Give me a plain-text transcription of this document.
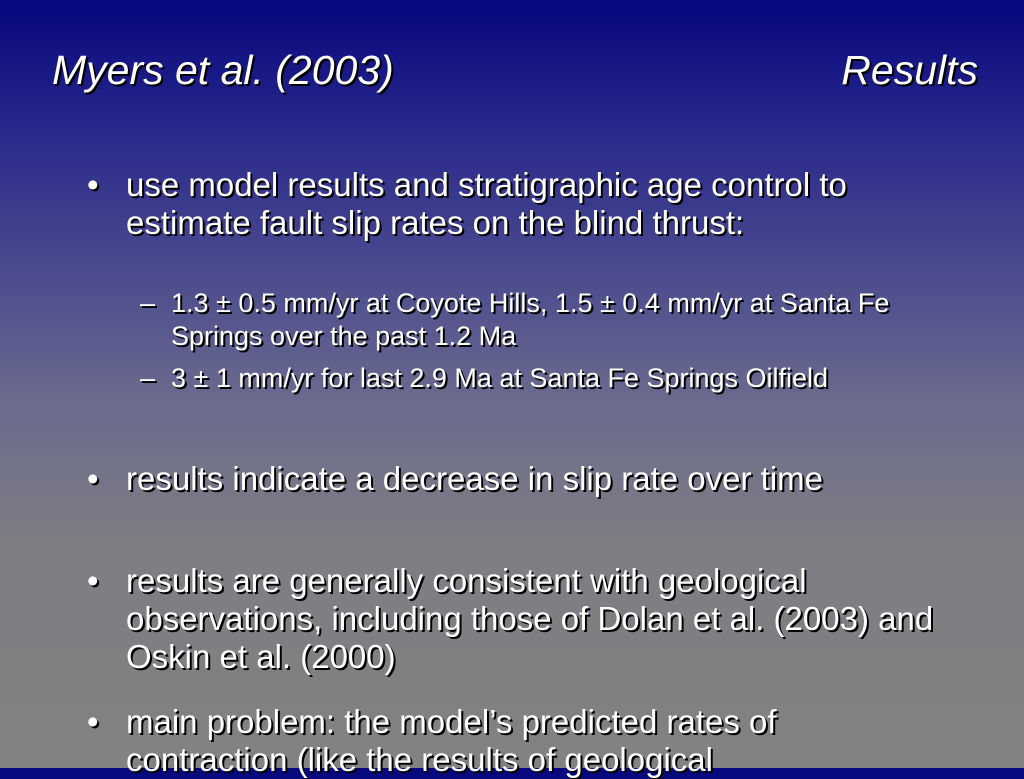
Myers et al. (2003)	Results
• use model results and stratigraphic age control to estimate fault slip rates on the blind thrust:
– 1.3 ± 0.5 mm/yr at Coyote Hills, 1.5 ± 0.4 mm/yr at Santa Fe Springs over the past 1.2 Ma
– 3 ± 1 mm/yr for last 2.9 Ma at Santa Fe Springs Oilfield
• results indicate a decrease in slip rate over time
• results are generally consistent with geological observations, including those of Dolan et al. (2003) and Oskin et al. (2000)
• main problem: the model’s predicted rates of contraction (like the results of geological
